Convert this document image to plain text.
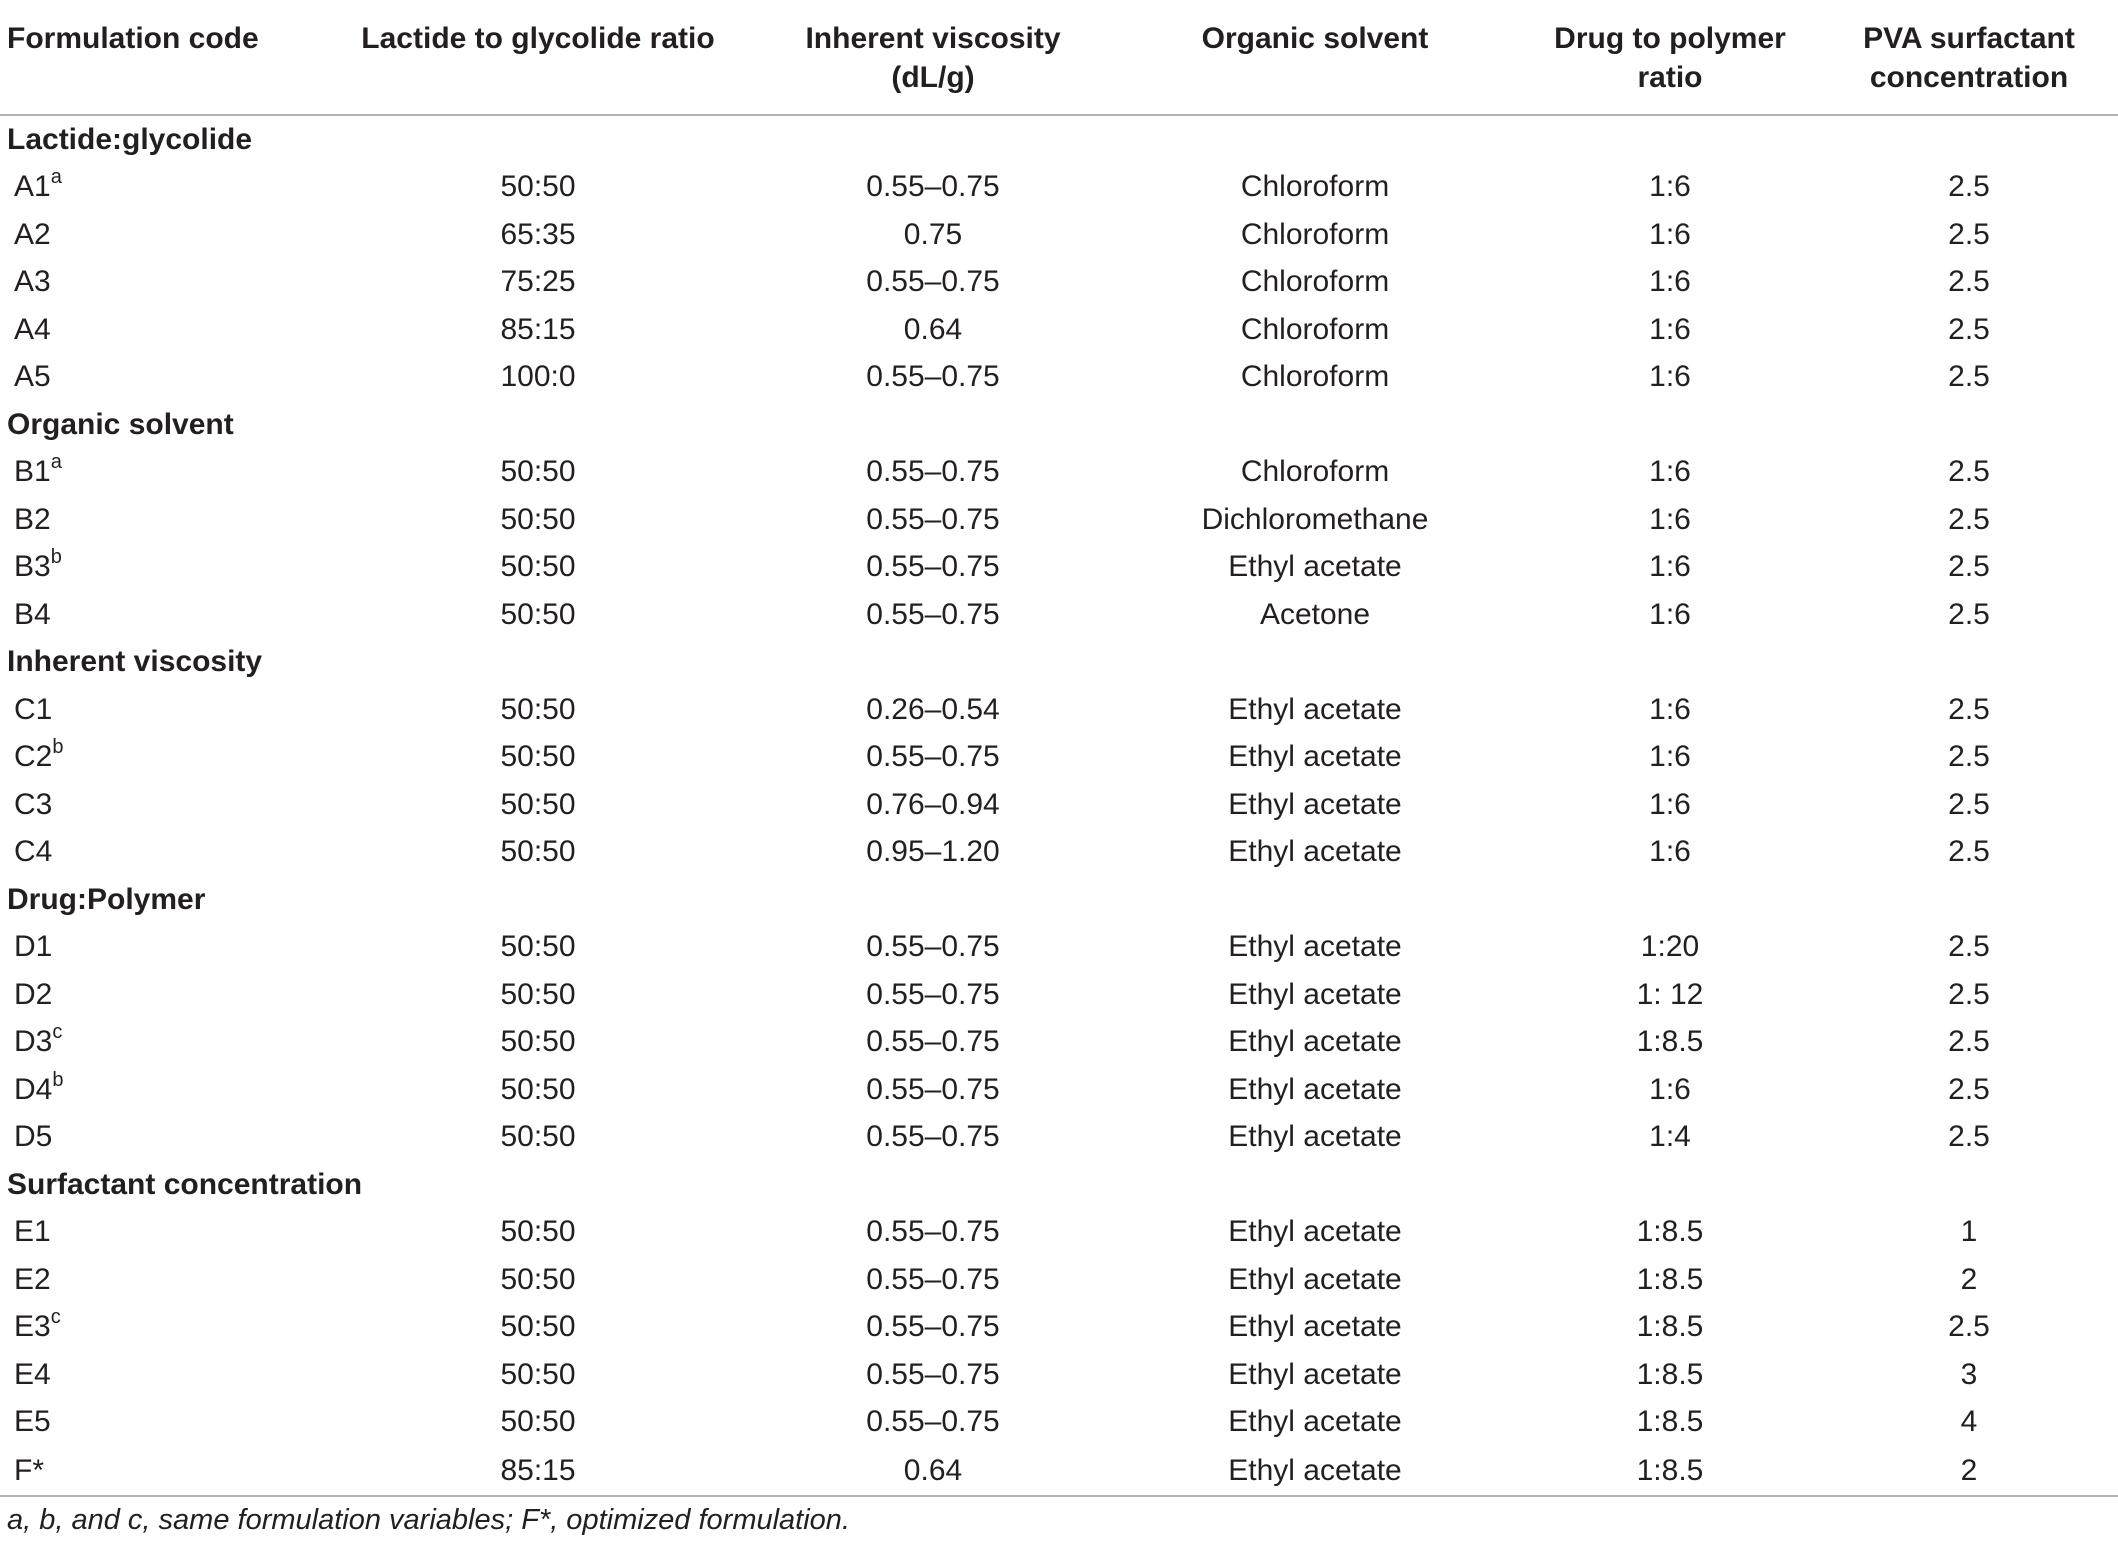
Formulation code	Lactide to glycolide ratio	Inherent viscosity (dL/g)	Organic solvent	Drug to polymer ratio	PVA surfactant concentration
Lactide:glycolide					
A1$^a$	50:50	0.55–0.75	Chloroform	1:6	2.5
A2	65:35	0.75	Chloroform	1:6	2.5
A3	75:25	0.55–0.75	Chloroform	1:6	2.5
A4	85:15	0.64	Chloroform	1:6	2.5
A5	100:0	0.55–0.75	Chloroform	1:6	2.5
Organic solvent					
B1$^a$	50:50	0.55–0.75	Chloroform	1:6	2.5
B2	50:50	0.55–0.75	Dichloromethane	1:6	2.5
B3$^b$	50:50	0.55–0.75	Ethyl acetate	1:6	2.5
B4	50:50	0.55–0.75	Acetone	1:6	2.5
Inherent viscosity					
C1	50:50	0.26–0.54	Ethyl acetate	1:6	2.5
C2$^b$	50:50	0.55–0.75	Ethyl acetate	1:6	2.5
C3	50:50	0.76–0.94	Ethyl acetate	1:6	2.5
C4	50:50	0.95–1.20	Ethyl acetate	1:6	2.5
Drug:Polymer					
D1	50:50	0.55–0.75	Ethyl acetate	1:20	2.5
D2	50:50	0.55–0.75	Ethyl acetate	1: 12	2.5
D3$^c$	50:50	0.55–0.75	Ethyl acetate	1:8.5	2.5
D4$^b$	50:50	0.55–0.75	Ethyl acetate	1:6	2.5
D5	50:50	0.55–0.75	Ethyl acetate	1:4	2.5
Surfactant concentration					
E1	50:50	0.55–0.75	Ethyl acetate	1:8.5	1
E2	50:50	0.55–0.75	Ethyl acetate	1:8.5	2
E3$^c$	50:50	0.55–0.75	Ethyl acetate	1:8.5	2.5
E4	50:50	0.55–0.75	Ethyl acetate	1:8.5	3
E5	50:50	0.55–0.75	Ethyl acetate	1:8.5	4
F*	85:15	0.64	Ethyl acetate	1:8.5	2
a, b, and c, same formulation variables; F*, optimized formulation.
